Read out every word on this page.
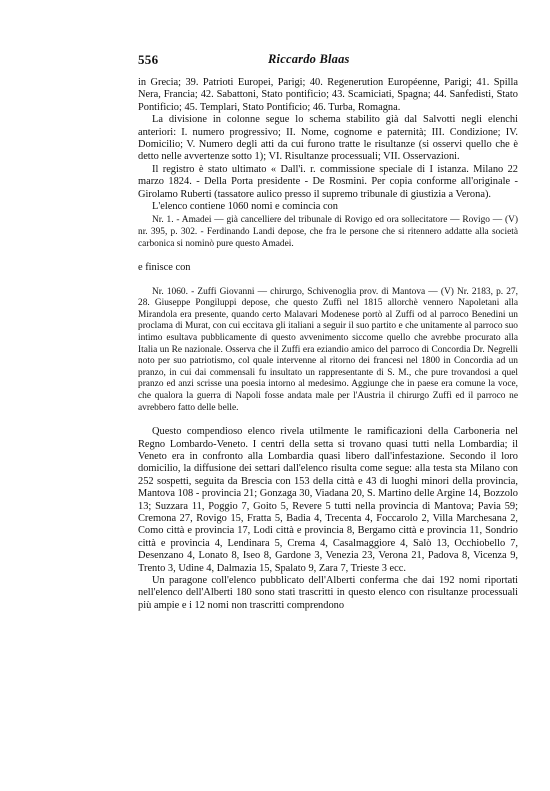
556	Riccardo Blaas

in Grecia; 39. Patrioti Europei, Parigi; 40. Regenerution Européenne, Parigi; 41. Spilla Nera, Francia; 42. Sabattoni, Stato pontificio; 43. Scamiciati, Spagna; 44. Sanfedisti, Stato Pontificio; 45. Templari, Stato Pontificio; 46. Turba, Romagna.

La divisione in colonne segue lo schema stabilito già dal Salvotti negli elenchi anteriori: I. numero progressivo; II. Nome, cognome e paternità; III. Condizione; IV. Domicilio; V. Numero degli atti da cui furono tratte le risultanze (si osservi quello che è detto nelle avvertenze sotto 1); VI. Risultanze processuali; VII. Osservazioni.

Il registro è stato ultimato « Dall'i. r. commissione speciale di I istanza. Milano 22 marzo 1824. - Della Porta presidente - De Rosmini. Per copia conforme all'originale - Girolamo Ruberti (tassatore aulico presso il supremo tribunale di giustizia a Verona).

L'elenco contiene 1060 nomi e comincia con

Nr. 1. - Amadei — già cancelliere del tribunale di Rovigo ed ora sollecitatore — Rovigo — (V) nr. 395, p. 302. - Ferdinando Landi depose, che fra le persone che si ritennero addatte alla società carbonica si nominò pure questo Amadei.

e finisce con

Nr. 1060. - Zuffi Giovanni — chirurgo, Schivenoglia prov. di Mantova — (V) Nr. 2183, p. 27, 28. Giuseppe Pongiluppi depose, che questo Zuffi nel 1815 allorchè vennero Napoletani alla Mirandola era presente, quando certo Malavari Modenese portò al Zuffi od al parroco Benedini un proclama di Murat, con cui eccitava gli italiani a seguir il suo partito e che unitamente al parroco suo intimo esultava pubblicamente di questo avvenimento siccome quello che avrebbe procurato alla Italia un Re nazionale. Osserva che il Zuffi era eziandio amico del parroco di Concordia Dr. Negrelli noto per suo patriotismo, col quale intervenne al ritorno dei francesi nel 1800 in Concordia ad un pranzo, in cui dai commensali fu insultato un rappresentante di S. M., che pure trovandosi a quel pranzo ed anzi scrisse una poesia intorno al medesimo. Aggiunge che in paese era comune la voce, che qualora la guerra di Napoli fosse andata male per l'Austria il chirurgo Zuffi ed il parroco ne avrebbero fatto delle belle.

Questo compendioso elenco rivela utilmente le ramificazioni della Carboneria nel Regno Lombardo-Veneto. I centri della setta si trovano quasi tutti nella Lombardia; il Veneto era in confronto alla Lombardia quasi libero dall'infestazione. Secondo il loro domicilio, la diffusione dei settari dall'elenco risulta come segue: alla testa sta Milano con 252 sospetti, seguita da Brescia con 153 della città e 43 di luoghi minori della provincia, Mantova 108 - provincia 21; Gonzaga 30, Viadana 20, S. Martino delle Argine 14, Bozzolo 13; Suzzara 11, Poggio 7, Goito 5, Revere 5 tutti nella provincia di Mantova; Pavia 59; Cremona 27, Rovigo 15, Fratta 5, Badia 4, Trecenta 4, Foccarolo 2, Villa Marchesana 2, Como città e provincia 17, Lodi città e provincia 8, Bergamo città e provincia 11, Sondrio città e provincia 4, Lendinara 5, Crema 4, Casalmaggiore 4, Salò 13, Occhiobello 7, Desenzano 4, Lonato 8, Iseo 8, Gardone 3, Venezia 23, Verona 21, Padova 8, Vicenza 9, Trento 3, Udine 4, Dalmazia 15, Spalato 9, Zara 7, Trieste 3 ecc.

Un paragone coll'elenco pubblicato dell'Alberti conferma che dai 192 nomi riportati nell'elenco dell'Alberti 180 sono stati trascritti in questo elenco con risultanze processuali più ampie e i 12 nomi non trascritti comprendono
